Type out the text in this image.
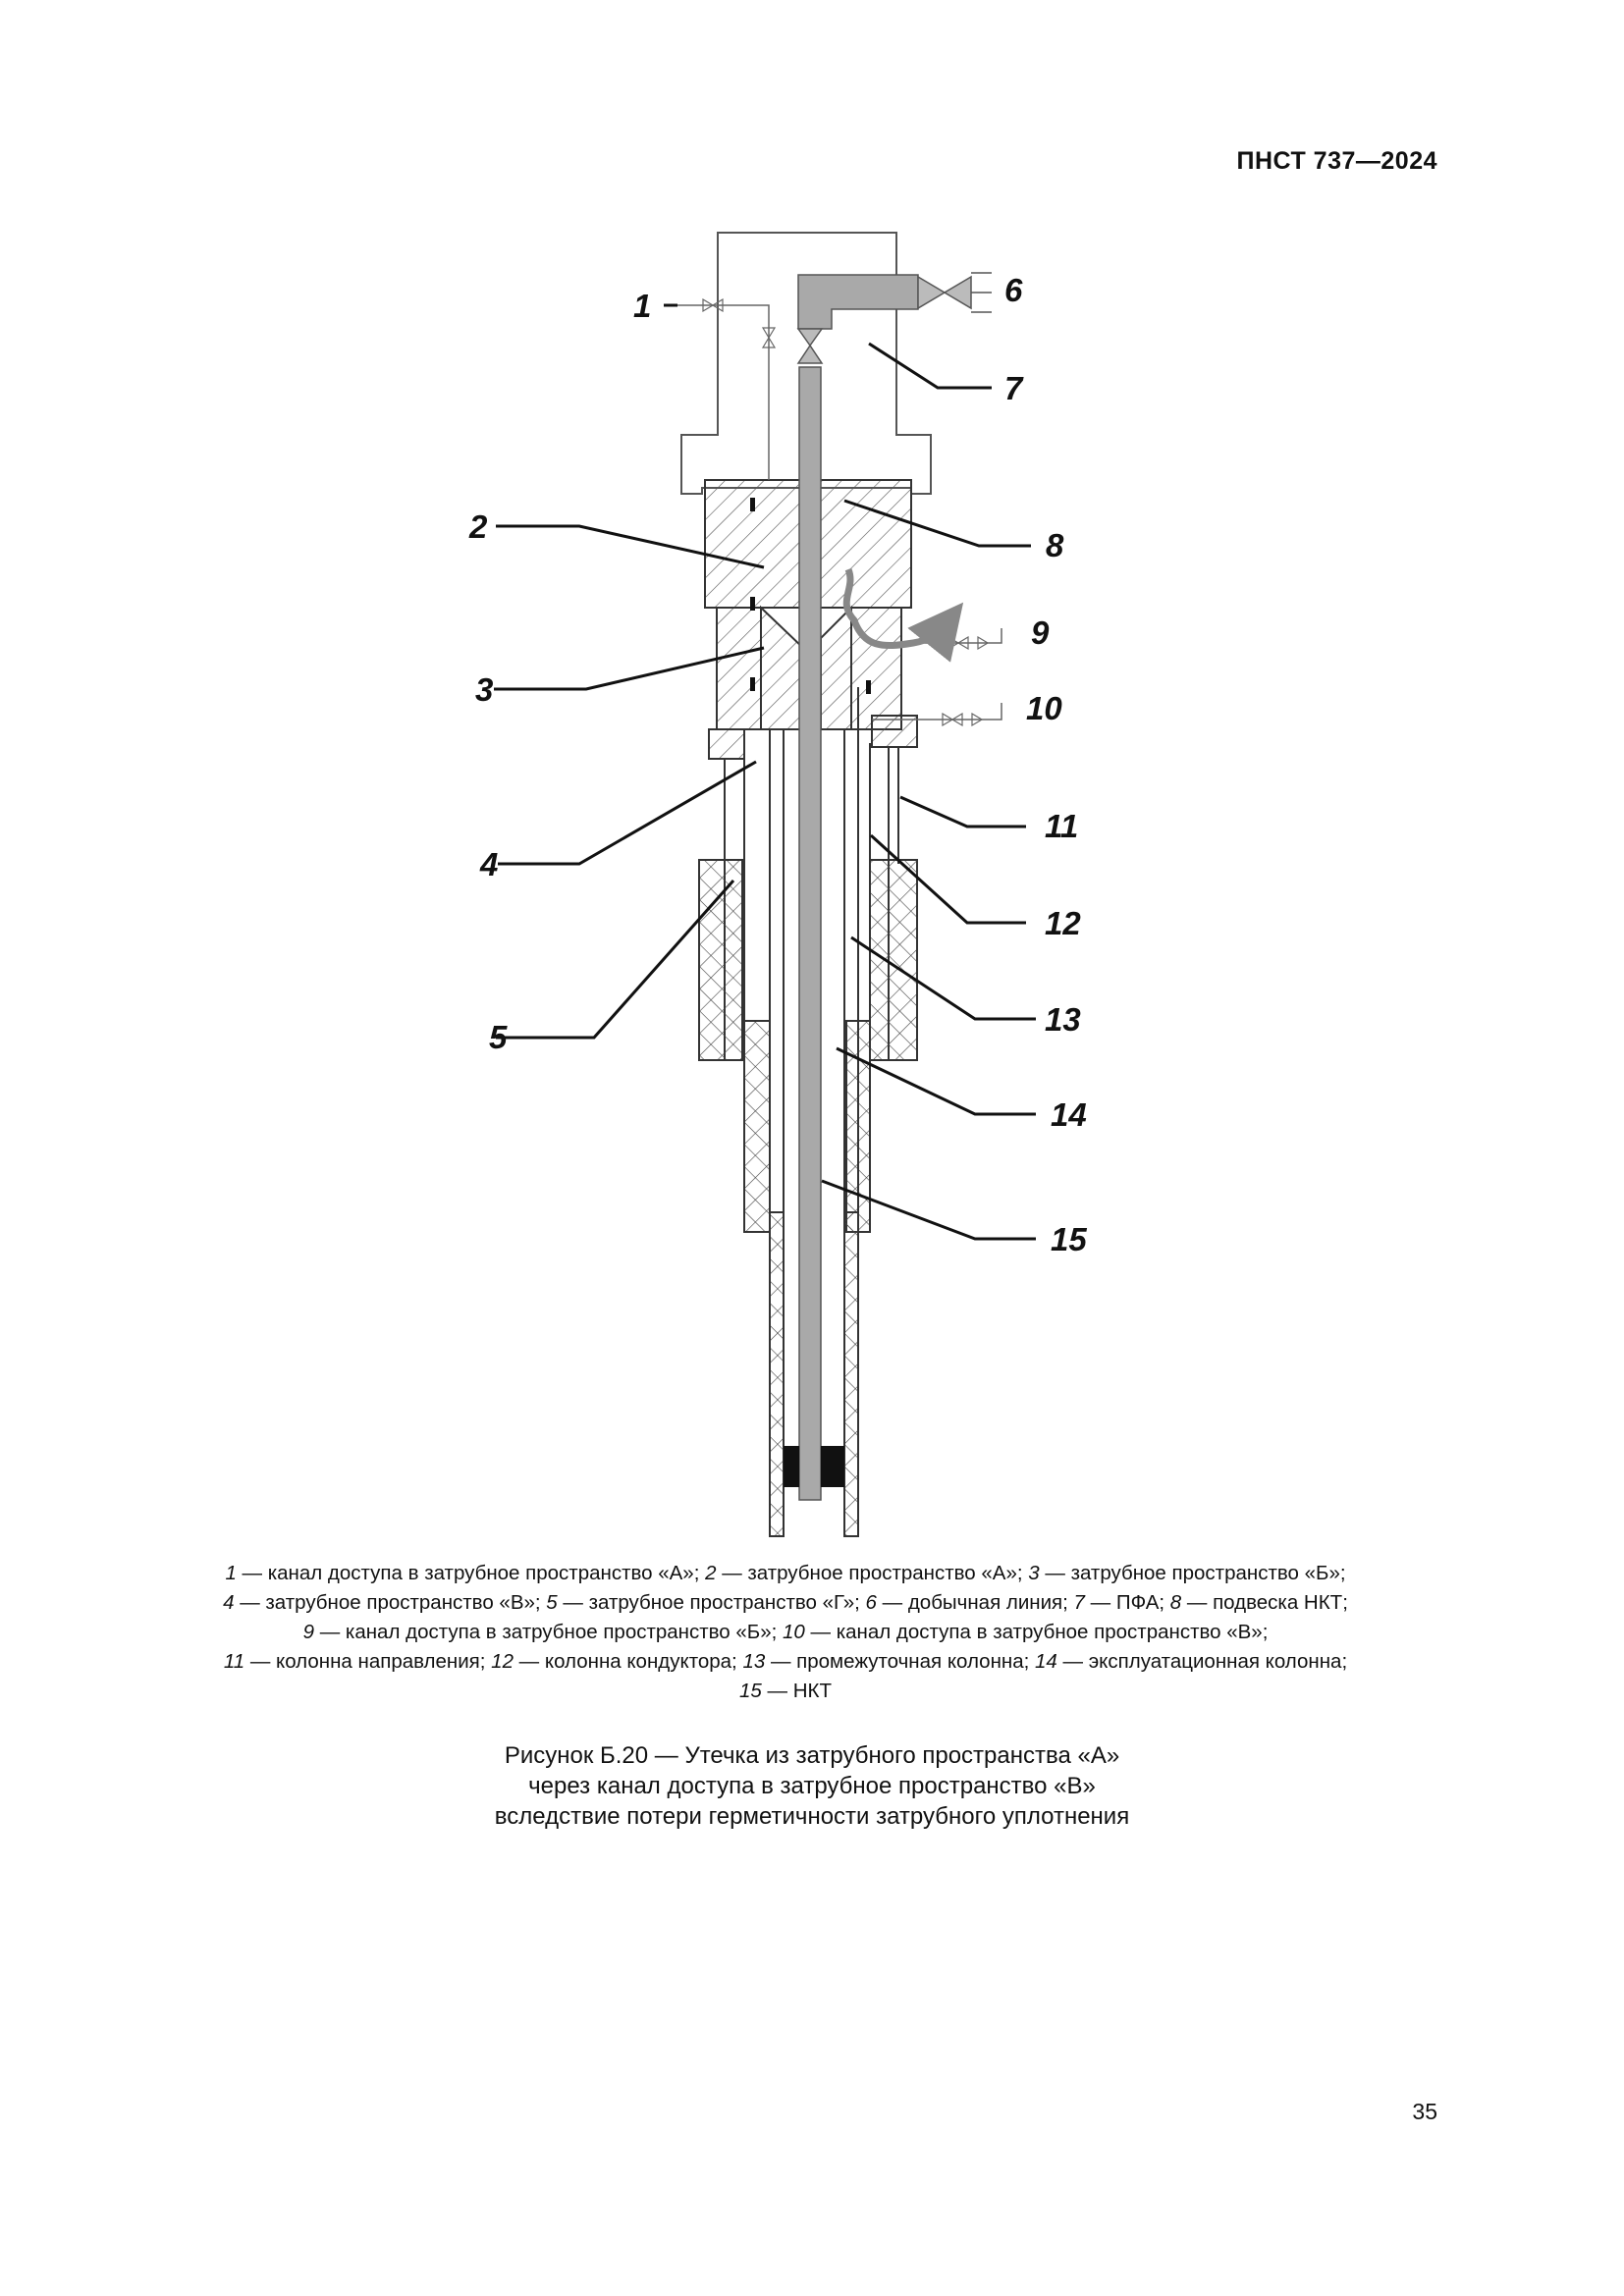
ПНСТ 737—2024
1
2
3
4
5
6
7
8
9
10
11
12
13
14
15
1 — канал доступа в затрубное пространство «А»; 2 — затрубное пространство «А»; 3 — затрубное пространство «Б»;
4 — затрубное пространство «В»; 5 — затрубное пространство «Г»; 6 — добычная линия; 7 — ПФА; 8 — подвеска НКТ;
9 — канал доступа в затрубное пространство «Б»; 10 — канал доступа в затрубное пространство «В»;
11 — колонна направления; 12 — колонна кондуктора; 13 — промежуточная колонна; 14 — эксплуатационная колонна;
15 — НКТ
Рисунок Б.20 — Утечка из затрубного пространства «А»
через канал доступа в затрубное пространство «В»
вследствие потери герметичности затрубного уплотнения
35
